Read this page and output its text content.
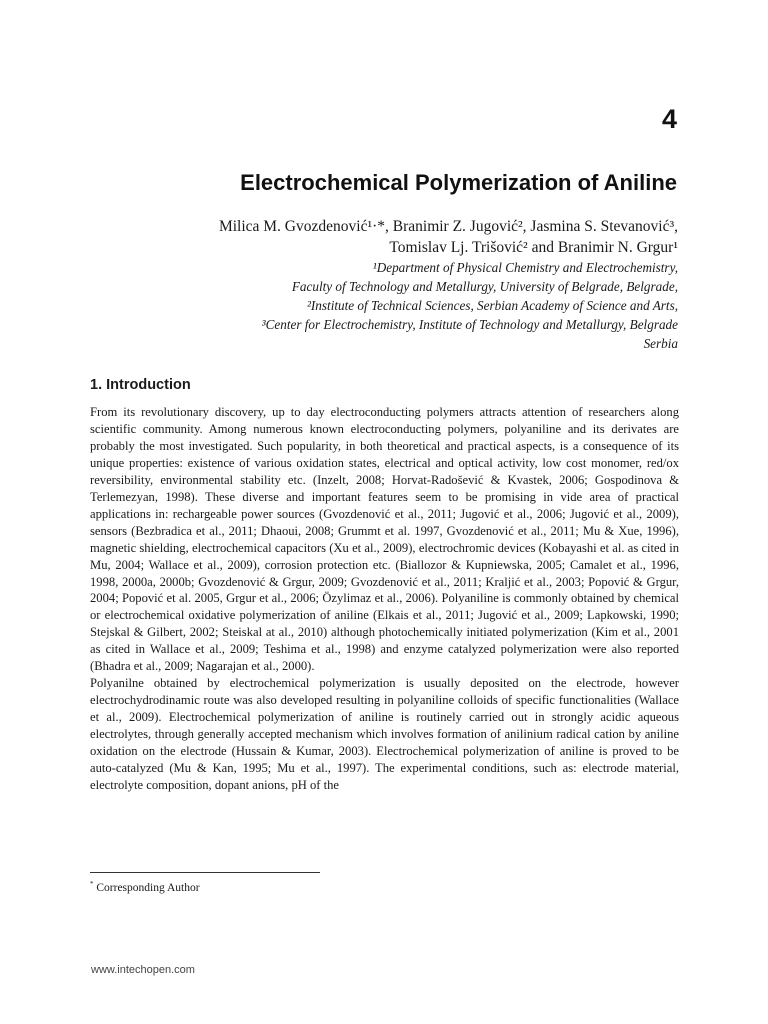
4
Electrochemical Polymerization of Aniline
Milica M. Gvozdenović¹·*, Branimir Z. Jugović², Jasmina S. Stevanović³,
Tomislav Lj. Trišović² and Branimir N. Grgur¹
¹Department of Physical Chemistry and Electrochemistry,
Faculty of Technology and Metallurgy, University of Belgrade, Belgrade,
²Institute of Technical Sciences, Serbian Academy of Science and Arts,
³Center for Electrochemistry, Institute of Technology and Metallurgy, Belgrade
Serbia
1. Introduction

From its revolutionary discovery, up to day electroconducting polymers attracts attention of researchers along scientific community. Among numerous known electroconducting polymers, polyaniline and its derivates are probably the most investigated. Such popularity, in both theoretical and practical aspects, is a consequence of its unique properties: existence of various oxidation states, electrical and optical activity, low cost monomer, red/ox reversibility, environmental stability etc. (Inzelt, 2008; Horvat-Radošević & Kvastek, 2006; Gospodinova & Terlemezyan, 1998). These diverse and important features seem to be promising in vide area of practical applications in: rechargeable power sources (Gvozdenović et al., 2011; Jugović et al., 2006; Jugović et al., 2009), sensors (Bezbradica et al., 2011; Dhaoui, 2008; Grummt et al. 1997, Gvozdenović et al., 2011; Mu & Xue, 1996), magnetic shielding, electrochemical capacitors (Xu et al., 2009), electrochromic devices (Kobayashi et al. as cited in Mu, 2004; Wallace et al., 2009), corrosion protection etc. (Biallozor & Kupniewska, 2005; Camalet et al., 1996, 1998, 2000a, 2000b; Gvozdenović & Grgur, 2009; Gvozdenović et al., 2011; Kraljić et al., 2003; Popović & Grgur, 2004; Popović et al. 2005, Grgur et al., 2006; Özylimaz et al., 2006). Polyaniline is commonly obtained by chemical or electrochemical oxidative polymerization of aniline (Elkais et al., 2011; Jugović et al., 2009; Lapkowski, 1990; Stejskal & Gilbert, 2002; Steiskal at al., 2010) although photochemically initiated polymerization (Kim et al., 2001 as cited in Wallace et al., 2009; Teshima et al., 1998) and enzyme catalyzed polymerization were also reported (Bhadra et al., 2009; Nagarajan et al., 2000).

Polyanilne obtained by electrochemical polymerization is usually deposited on the electrode, however electrochydrodinamic route was also developed resulting in polyaniline colloids of specific functionalities (Wallace et al., 2009). Electrochemical polymerization of aniline is routinely carried out in strongly acidic aqueous electrolytes, through generally accepted mechanism which involves formation of anilinium radical cation by aniline oxidation on the electrode (Hussain & Kumar, 2003). Electrochemical polymerization of aniline is proved to be auto-catalyzed (Mu & Kan, 1995; Mu et al., 1997). The experimental conditions, such as: electrode material, electrolyte composition, dopant anions, pH of the

* Corresponding Author
www.intechopen.com
